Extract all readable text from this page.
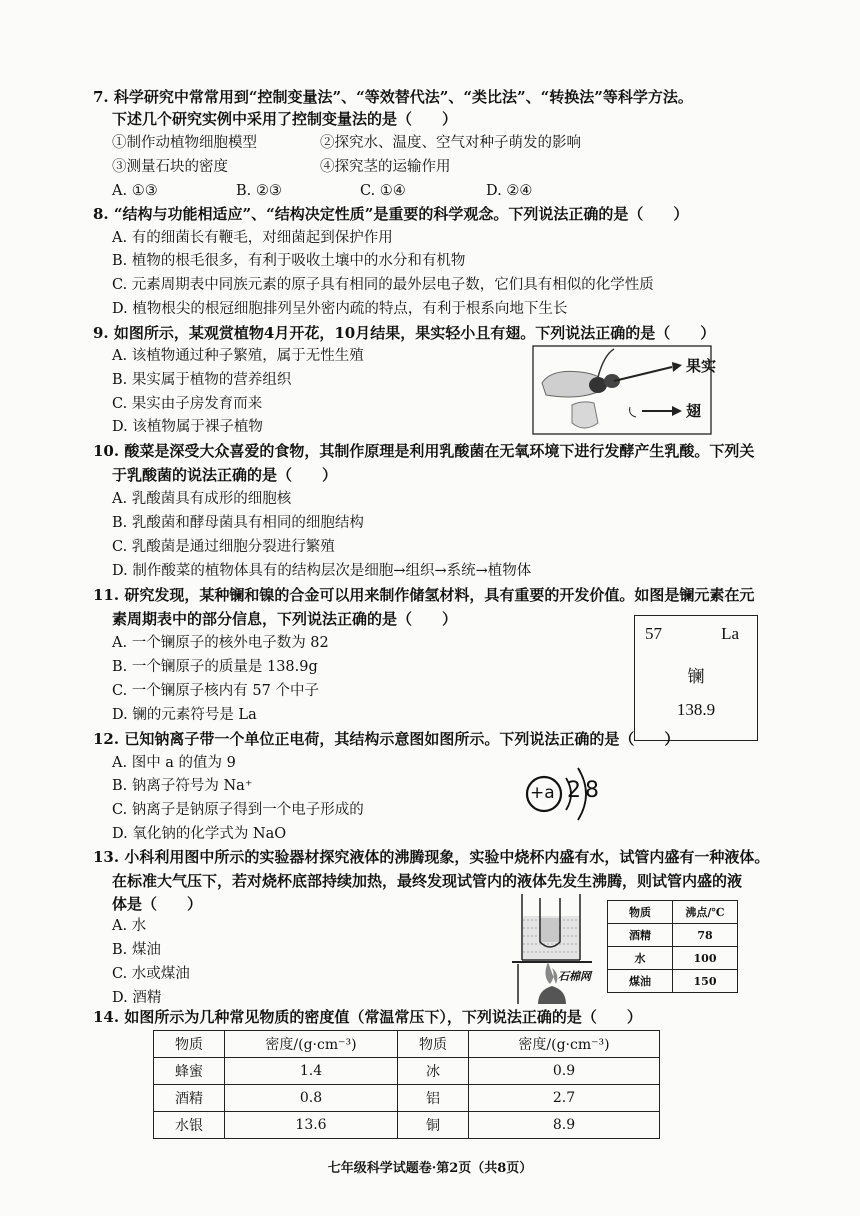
7. 科学研究中常常用到“控制变量法”、“等效替代法”、“类比法”、“转换法”等科学方法。
下述几个研究实例中采用了控制变量法的是（　　）
①制作动植物细胞模型	②探究水、温度、空气对种子萌发的影响
③测量石块的密度	④探究茎的运输作用
A. ①③	B. ②③	C. ①④	D. ②④
8. “结构与功能相适应”、“结构决定性质”是重要的科学观念。下列说法正确的是（　　）
A. 有的细菌长有鞭毛，对细菌起到保护作用
B. 植物的根毛很多，有利于吸收土壤中的水分和有机物
C. 元素周期表中同族元素的原子具有相同的最外层电子数，它们具有相似的化学性质
D. 植物根尖的根冠细胞排列呈外密内疏的特点，有利于根系向地下生长
9. 如图所示，某观赏植物4月开花，10月结果，果实轻小且有翅。下列说法正确的是（　　）
A. 该植物通过种子繁殖，属于无性生殖
B. 果实属于植物的营养组织
C. 果实由子房发育而来
D. 该植物属于裸子植物
果实
翅
10. 酸菜是深受大众喜爱的食物，其制作原理是利用乳酸菌在无氧环境下进行发酵产生乳酸。下列关
于乳酸菌的说法正确的是（　　）
A. 乳酸菌具有成形的细胞核
B. 乳酸菌和酵母菌具有相同的细胞结构
C. 乳酸菌是通过细胞分裂进行繁殖
D. 制作酸菜的植物体具有的结构层次是细胞→组织→系统→植物体
11. 研究发现，某种镧和镍的合金可以用来制作储氢材料，具有重要的开发价值。如图是镧元素在元
素周期表中的部分信息，下列说法正确的是（　　）
A. 一个镧原子的核外电子数为 82
B. 一个镧原子的质量是 138.9g
C. 一个镧原子核内有 57 个中子
D. 镧的元素符号是 La
57	La
镧
138.9
12. 已知钠离子带一个单位正电荷，其结构示意图如图所示。下列说法正确的是（　　）
A. 图中 a 的值为 9
B. 钠离子符号为 Na⁺
C. 钠离子是钠原子得到一个电子形成的
D. 氧化钠的化学式为 NaO
+a 2 8
13. 小科利用图中所示的实验器材探究液体的沸腾现象，实验中烧杯内盛有水，试管内盛有一种液体。
在标准大气压下，若对烧杯底部持续加热，最终发现试管内的液体先发生沸腾，则试管内盛的液
体是（　　）
A. 水
B. 煤油
C. 水或煤油
D. 酒精
石棉网
物质	沸点/℃
酒精	78
水	100
煤油	150
14. 如图所示为几种常见物质的密度值（常温常压下），下列说法正确的是（　　）
物质	密度/(g·cm⁻³)	物质	密度/(g·cm⁻³)
蜂蜜	1.4	冰	0.9
酒精	0.8	铝	2.7
水银	13.6	铜	8.9
七年级科学试题卷·第2页（共8页）
